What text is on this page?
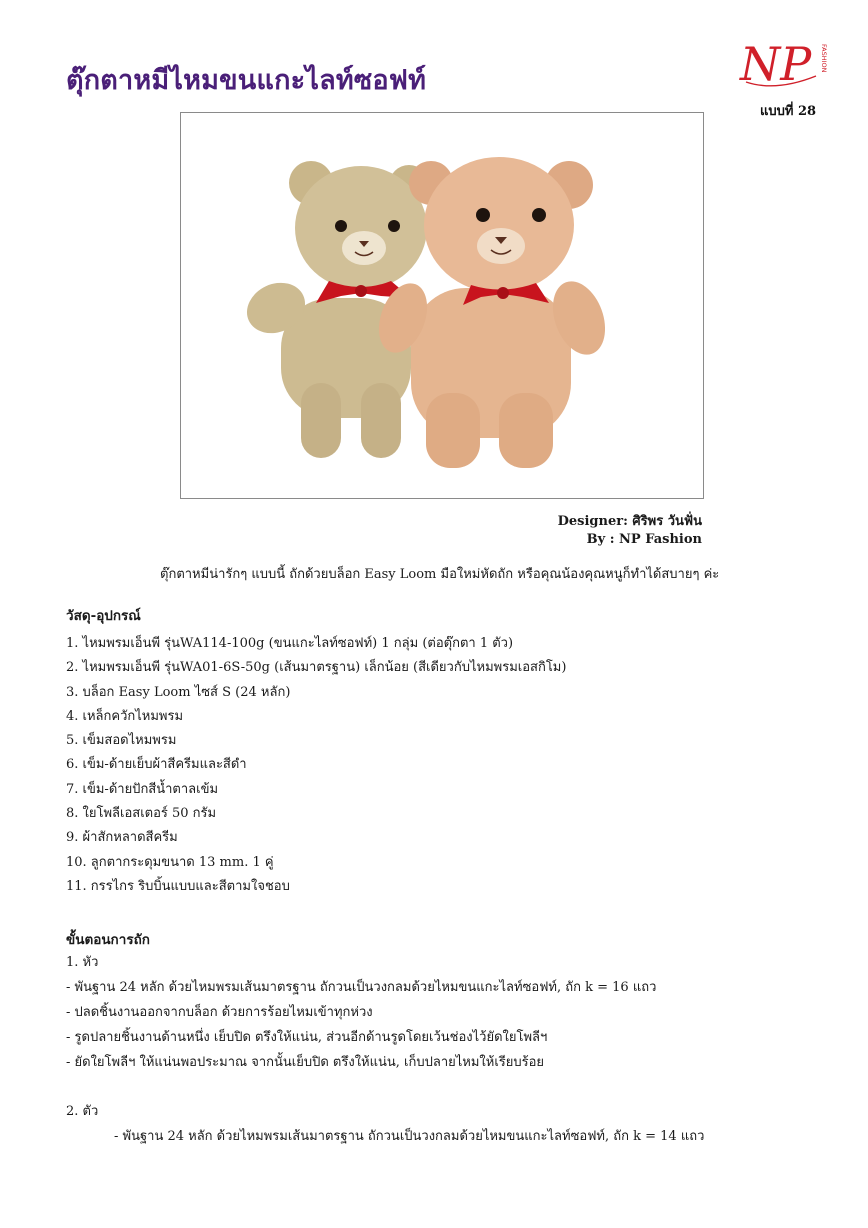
ตุ๊กตาหมีไหมขนแกะไลท์ซอฟท์	NP FASHION
แบบที่ 28
Designer: ศิริพร วันฟั่น
By : NP Fashion
ตุ๊กตาหมีน่ารักๆ แบบนี้ ถักด้วยบล็อก Easy Loom มือใหม่หัดถัก หรือคุณน้องคุณหนูก็ทำได้สบายๆ ค่ะ
วัสดุ-อุปกรณ์
1. ไหมพรมเอ็นพี รุ่นWA114-100g (ขนแกะไลท์ซอฟท์) 1 กลุ่ม (ต่อตุ๊กตา 1 ตัว)
2. ไหมพรมเอ็นพี รุ่นWA01-6S-50g (เส้นมาตรฐาน) เล็กน้อย (สีเดียวกับไหมพรมเอสกิโม)
3. บล็อก Easy Loom ไซส์ S (24 หลัก)
4. เหล็กควักไหมพรม
5. เข็มสอดไหมพรม
6. เข็ม-ด้ายเย็บผ้าสีครีมและสีดำ
7. เข็ม-ด้ายปักสีน้ำตาลเข้ม
8. ใยโพลีเอสเตอร์ 50 กรัม
9. ผ้าสักหลาดสีครีม
10. ลูกตากระดุมขนาด 13 mm. 1 คู่
11. กรรไกร ริบบิ้นแบบและสีตามใจชอบ
ขั้นตอนการถัก
1. หัว
- พันฐาน 24 หลัก ด้วยไหมพรมเส้นมาตรฐาน ถักวนเป็นวงกลมด้วยไหมขนแกะไลท์ซอฟท์, ถัก k = 16 แถว
- ปลดชิ้นงานออกจากบล็อก ด้วยการร้อยไหมเข้าทุกห่วง
- รูดปลายชิ้นงานด้านหนึ่ง เย็บปิด ตรึงให้แน่น, ส่วนอีกด้านรูดโดยเว้นช่องไว้ยัดใยโพลีฯ
- ยัดใยโพลีฯ ให้แน่นพอประมาณ จากนั้นเย็บปิด ตรึงให้แน่น, เก็บปลายไหมให้เรียบร้อย
2. ตัว
- พันฐาน 24 หลัก ด้วยไหมพรมเส้นมาตรฐาน ถักวนเป็นวงกลมด้วยไหมขนแกะไลท์ซอฟท์, ถัก k = 14 แถว
